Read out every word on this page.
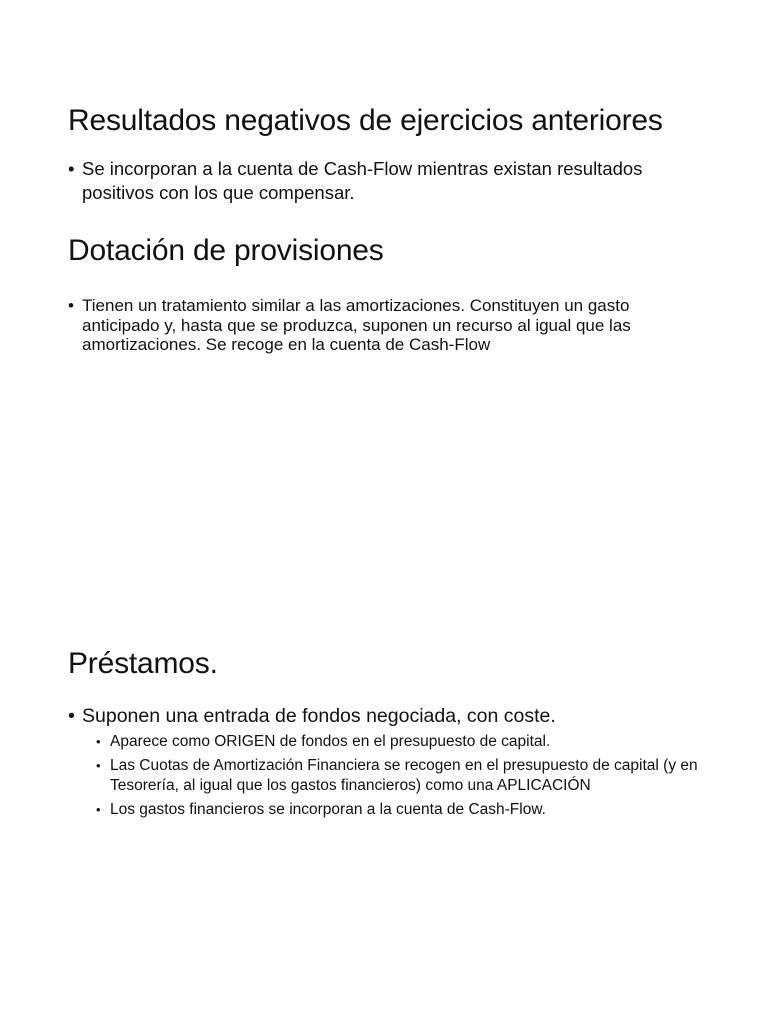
Resultados negativos de ejercicios anteriores
• Se incorporan a la cuenta de Cash-Flow mientras existan resultados positivos con los que compensar.
Dotación de provisiones
• Tienen un tratamiento similar a las amortizaciones. Constituyen un gasto anticipado y, hasta que se produzca, suponen un recurso al igual que las amortizaciones. Se recoge en la cuenta de Cash-Flow
Préstamos.
• Suponen una entrada de fondos negociada, con coste.
• Aparece como ORIGEN de fondos en el presupuesto de capital.
• Las Cuotas de Amortización Financiera se recogen en el presupuesto de capital (y en Tesorería, al igual que los gastos financieros) como una APLICACIÓN
• Los gastos financieros se incorporan a la cuenta de Cash-Flow.
